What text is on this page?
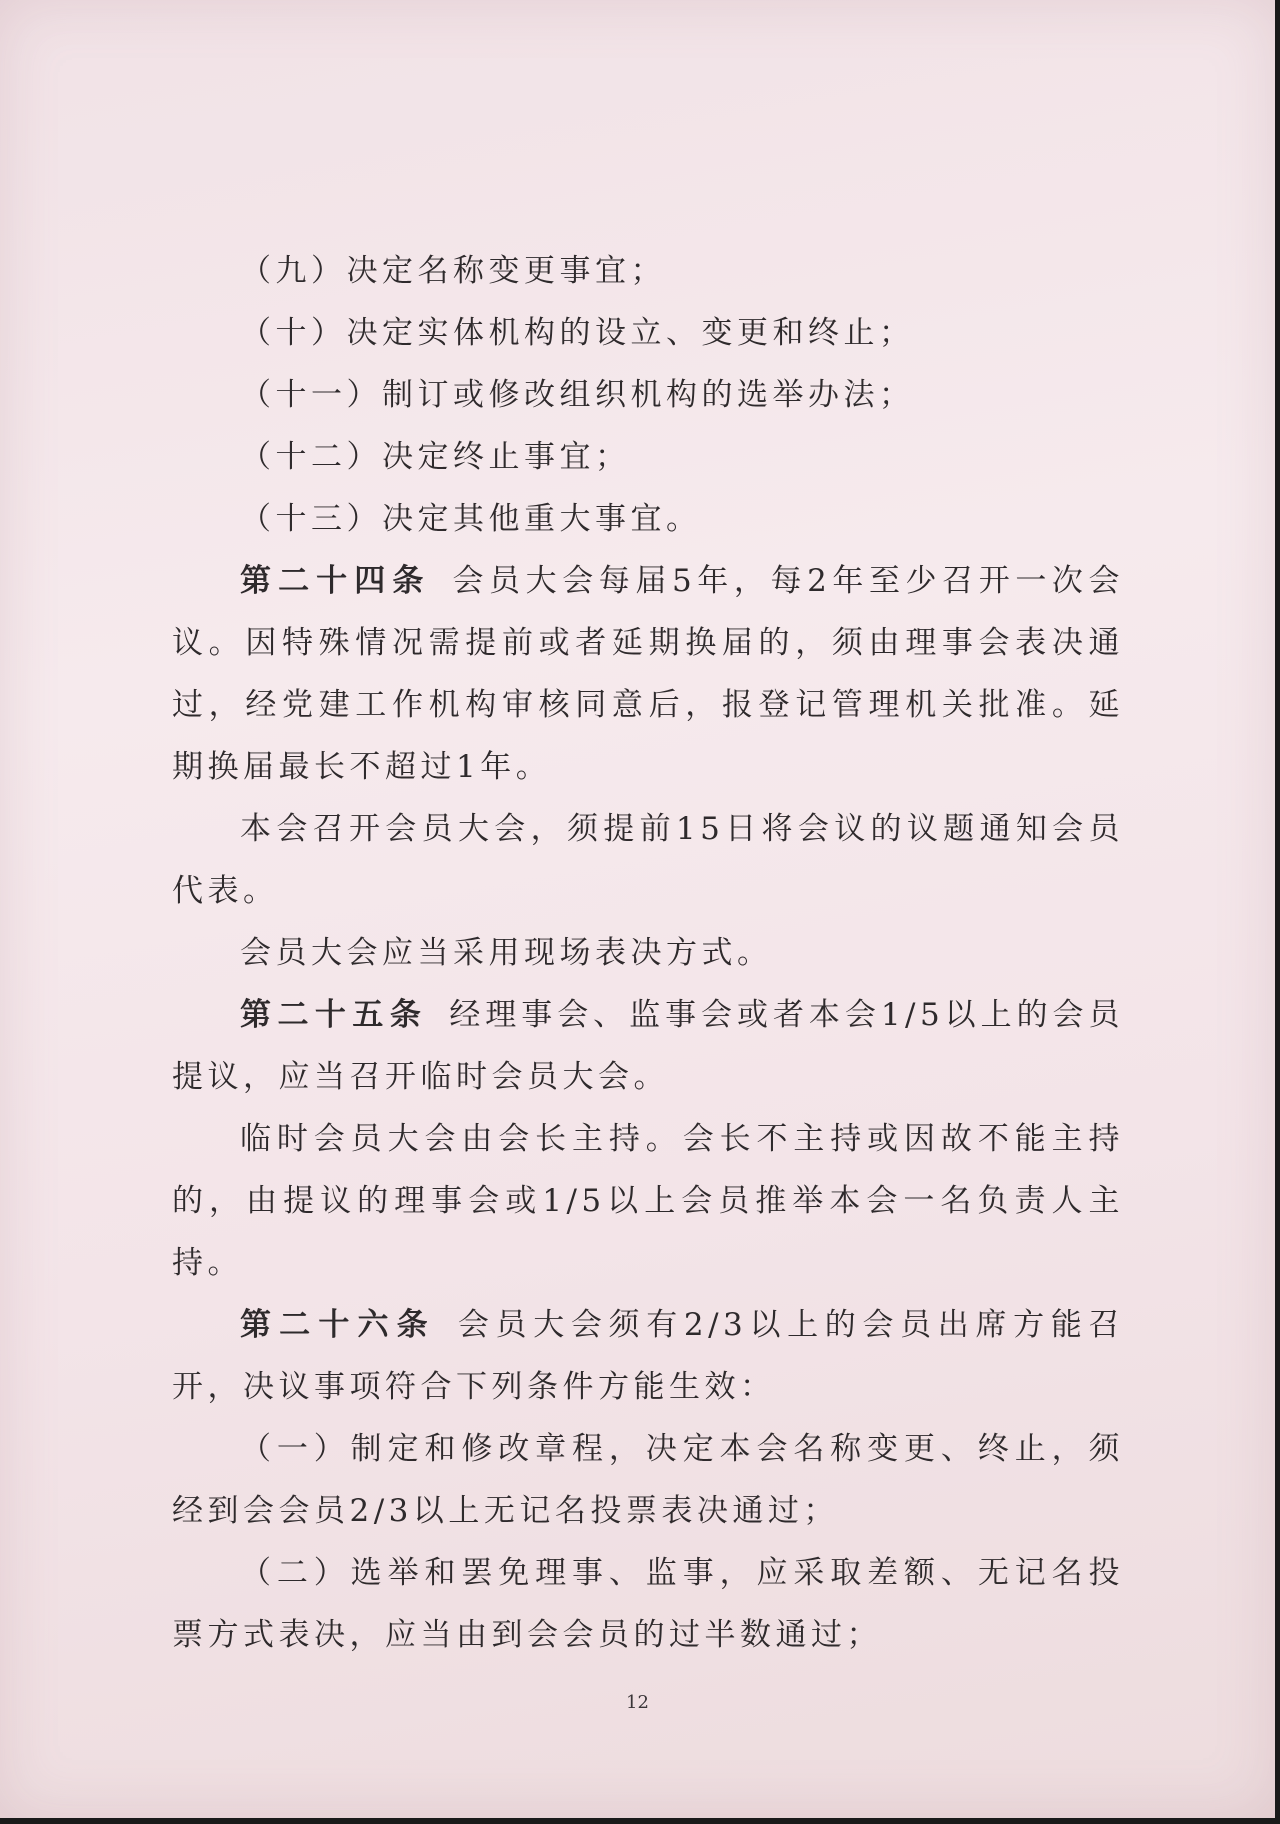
（九）决定名称变更事宜；

（十）决定实体机构的设立、变更和终止；

（十一）制订或修改组织机构的选举办法；

（十二）决定终止事宜；

（十三）决定其他重大事宜。

第二十四条 会员大会每届5年，每2年至少召开一次会议。因特殊情况需提前或者延期换届的，须由理事会表决通过，经党建工作机构审核同意后，报登记管理机关批准。延期换届最长不超过1年。

本会召开会员大会，须提前15日将会议的议题通知会员代表。

会员大会应当采用现场表决方式。

第二十五条 经理事会、监事会或者本会1/5以上的会员提议，应当召开临时会员大会。

临时会员大会由会长主持。会长不主持或因故不能主持的，由提议的理事会或1/5以上会员推举本会一名负责人主持。

第二十六条 会员大会须有2/3以上的会员出席方能召开，决议事项符合下列条件方能生效：

（一）制定和修改章程，决定本会名称变更、终止，须经到会会员2/3以上无记名投票表决通过；

（二）选举和罢免理事、监事，应采取差额、无记名投票方式表决，应当由到会会员的过半数通过；

12
